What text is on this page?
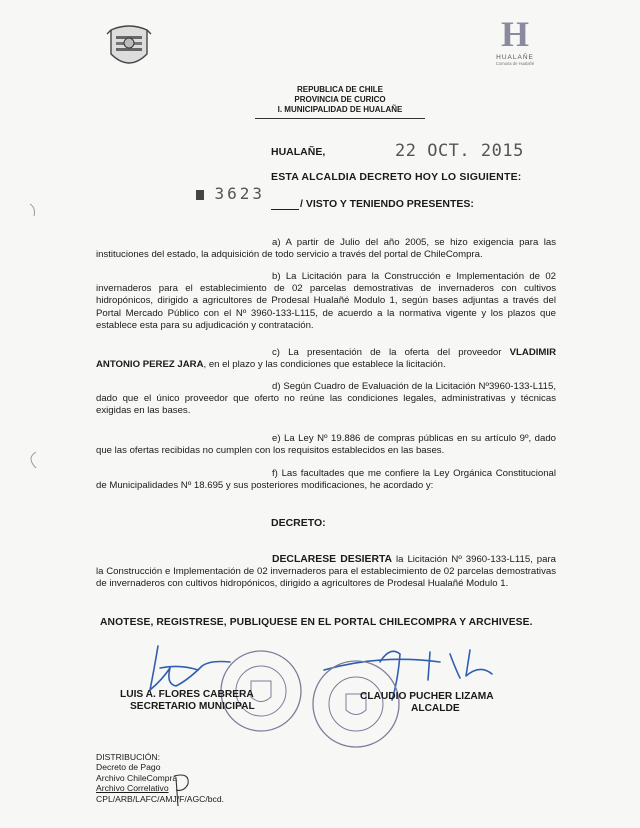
H
HUALAÑE
Comuna de Hualañé
REPUBLICA DE CHILE
PROVINCIA DE CURICO
I. MUNICIPALIDAD DE HUALAÑE
HUALAÑE,	22 OCT. 2015
ESTA ALCALDIA DECRETO HOY LO SIGUIENTE:
3623
/ VISTO Y TENIENDO PRESENTES:
a) A partir de Julio del año 2005, se hizo exigencia para las instituciones del estado, la adquisición de todo servicio a través del portal de ChileCompra.
b) La Licitación para la Construcción e Implementación de 02 invernaderos para el establecimiento de 02 parcelas demostrativas de invernaderos con cultivos hidropónicos, dirigido a agricultores de Prodesal Hualañé Modulo 1, según bases adjuntas a través del Portal Mercado Público con el Nº 3960-133-L115, de acuerdo a la normativa vigente y los plazos que establece esta para su adjudicación y contratación.
c) La presentación de la oferta del proveedor VLADIMIR ANTONIO PEREZ JARA, en el plazo y las condiciones que establece la licitación.
d) Según Cuadro de Evaluación de la Licitación Nº3960-133-L115, dado que el único proveedor que oferto no reúne las condiciones legales, administrativas y técnicas exigidas en las bases.
e) La Ley Nº 19.886 de compras públicas en su artículo 9º, dado que las ofertas recibidas no cumplen con los requisitos establecidos en las bases.
f) Las facultades que me confiere la Ley Orgánica Constitucional de Municipalidades Nº 18.695 y sus posteriores modificaciones, he acordado y:
DECRETO:
DECLARESE DESIERTA la Licitación Nº 3960-133-L115, para la Construcción e Implementación de 02 invernaderos para el establecimiento de 02 parcelas demostrativas de invernaderos con cultivos hidropónicos, dirigido a agricultores de Prodesal Hualañé Modulo 1.
ANOTESE, REGISTRESE, PUBLIQUESE EN EL PORTAL CHILECOMPRA Y ARCHIVESE.
LUIS A. FLORES CABRERA
SECRETARIO MUNICIPAL
CLAUDIO PUCHER LIZAMA
ALCALDE
DISTRIBUCIÓN:
Decreto de Pago
Archivo ChileCompra
Archivo Correlativo
CPL/ARB/LAFC/AMJ/F/AGC/bcd.
